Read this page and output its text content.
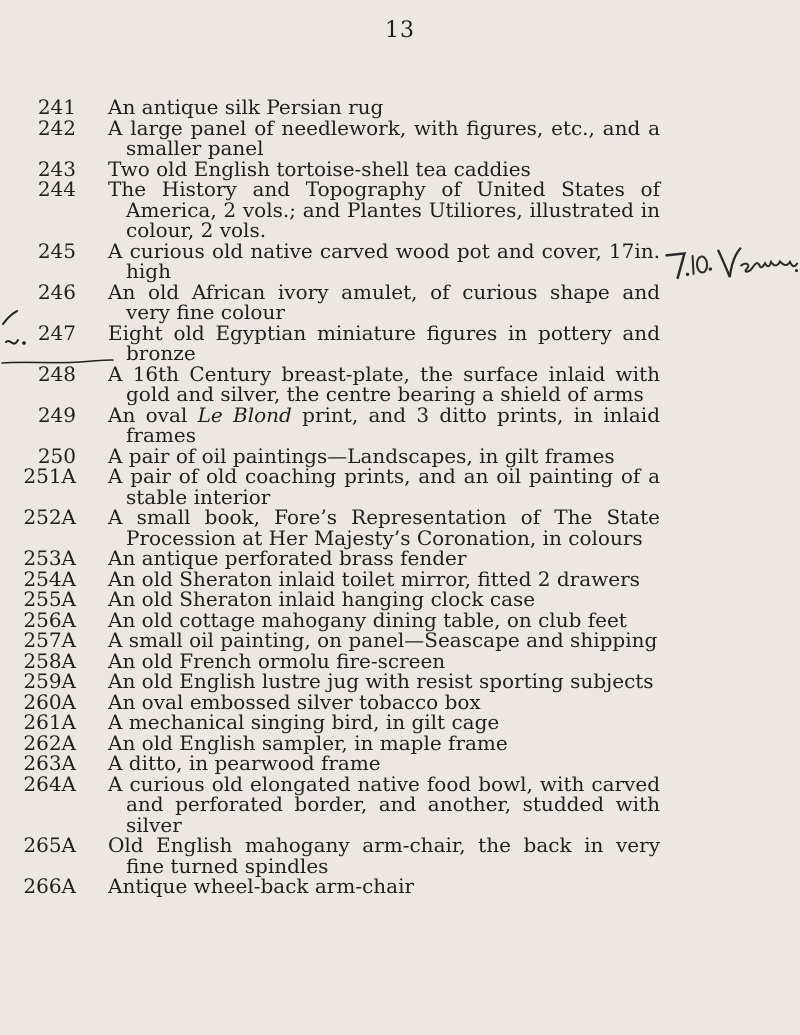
13
241	An antique silk Persian rug
242	A large panel of needlework, with figures, etc., and a smaller panel
243	Two old English tortoise-shell tea caddies
244	The History and Topography of United States of America, 2 vols.; and Plantes Utiliores, illustrated in colour, 2 vols.
245	A curious old native carved wood pot and cover, 17in. high
246	An old African ivory amulet, of curious shape and very fine colour
247	Eight old Egyptian miniature figures in pottery and bronze
248	A 16th Century breast-plate, the surface inlaid with gold and silver, the centre bearing a shield of arms
249	An oval Le Blond print, and 3 ditto prints, in inlaid frames
250	A pair of oil paintings—Landscapes, in gilt frames
251A	A pair of old coaching prints, and an oil painting of a stable interior
252A	A small book, Fore’s Representation of The State Procession at Her Majesty’s Coronation, in colours
253A	An antique perforated brass fender
254A	An old Sheraton inlaid toilet mirror, fitted 2 drawers
255A	An old Sheraton inlaid hanging clock case
256A	An old cottage mahogany dining table, on club feet
257A	A small oil painting, on panel—Seascape and shipping
258A	An old French ormolu fire-screen
259A	An old English lustre jug with resist sporting subjects
260A	An oval embossed silver tobacco box
261A	A mechanical singing bird, in gilt cage
262A	An old English sampler, in maple frame
263A	A ditto, in pearwood frame
264A	A curious old elongated native food bowl, with carved and perforated border, and another, studded with silver
265A	Old English mahogany arm-chair, the back in very fine turned spindles
266A	Antique wheel-back arm-chair
